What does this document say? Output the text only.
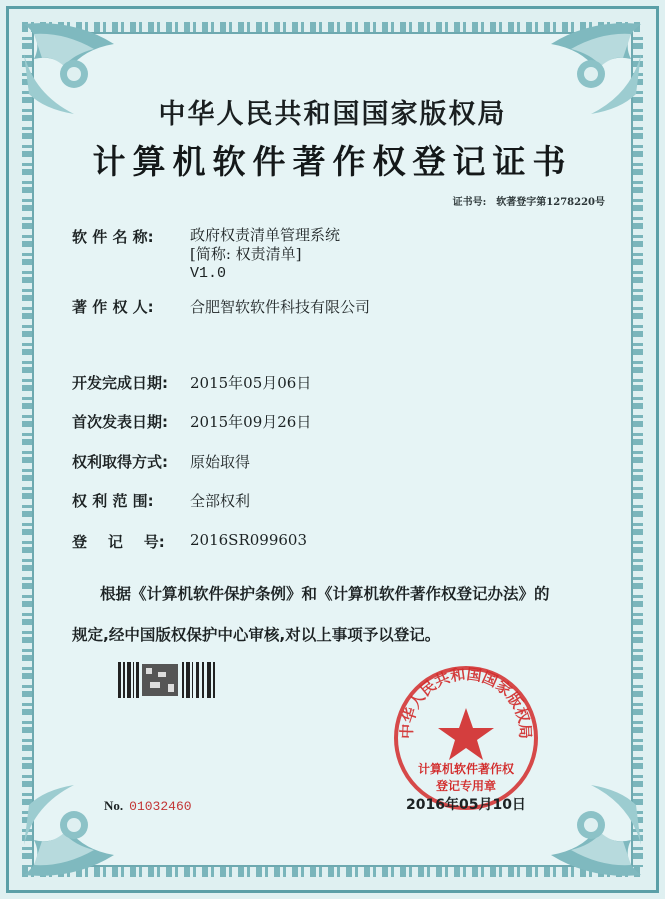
中华人民共和国国家版权局
计算机软件著作权登记证书
证书号: 软著登字第1278220号
软 件 名 称: 政府权责清单管理系统
[简称: 权责清单]
V1.0
著 作 权 人: 合肥智软软件科技有限公司
开发完成日期: 2015年05月06日
首次发表日期: 2015年09月26日
权利取得方式: 原始取得
权 利 范 围: 全部权利
登    记    号: 2016SR099603
根据《计算机软件保护条例》和《计算机软件著作权登记办法》的
规定,经中国版权保护中心审核,对以上事项予以登记。
中华人民共和国国家版权局
计算机软件著作权
登记专用章
No. 01032460	2016年05月10日
